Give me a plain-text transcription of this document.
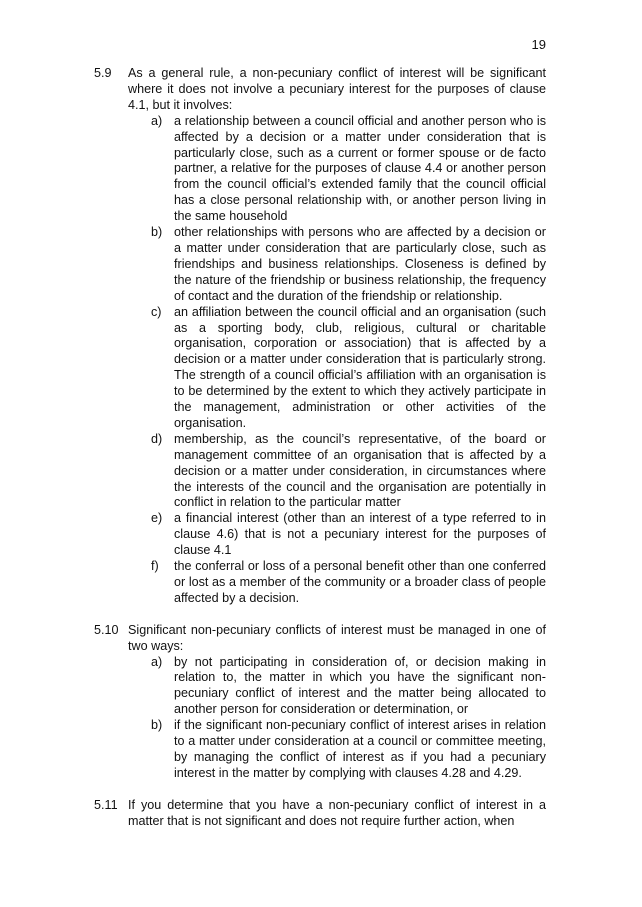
19
5.9 As a general rule, a non-pecuniary conflict of interest will be significant where it does not involve a pecuniary interest for the purposes of clause 4.1, but it involves:
a) a relationship between a council official and another person who is affected by a decision or a matter under consideration that is particularly close, such as a current or former spouse or de facto partner, a relative for the purposes of clause 4.4 or another person from the council official’s extended family that the council official has a close personal relationship with, or another person living in the same household
b) other relationships with persons who are affected by a decision or a matter under consideration that are particularly close, such as friendships and business relationships. Closeness is defined by the nature of the friendship or business relationship, the frequency of contact and the duration of the friendship or relationship.
c) an affiliation between the council official and an organisation (such as a sporting body, club, religious, cultural or charitable organisation, corporation or association) that is affected by a decision or a matter under consideration that is particularly strong. The strength of a council official’s affiliation with an organisation is to be determined by the extent to which they actively participate in the management, administration or other activities of the organisation.
d) membership, as the council’s representative, of the board or management committee of an organisation that is affected by a decision or a matter under consideration, in circumstances where the interests of the council and the organisation are potentially in conflict in relation to the particular matter
e) a financial interest (other than an interest of a type referred to in clause 4.6) that is not a pecuniary interest for the purposes of clause 4.1
f) the conferral or loss of a personal benefit other than one conferred or lost as a member of the community or a broader class of people affected by a decision.
5.10 Significant non-pecuniary conflicts of interest must be managed in one of two ways:
a) by not participating in consideration of, or decision making in relation to, the matter in which you have the significant non-pecuniary conflict of interest and the matter being allocated to another person for consideration or determination, or
b) if the significant non-pecuniary conflict of interest arises in relation to a matter under consideration at a council or committee meeting, by managing the conflict of interest as if you had a pecuniary interest in the matter by complying with clauses 4.28 and 4.29.
5.11 If you determine that you have a non-pecuniary conflict of interest in a matter that is not significant and does not require further action, when
